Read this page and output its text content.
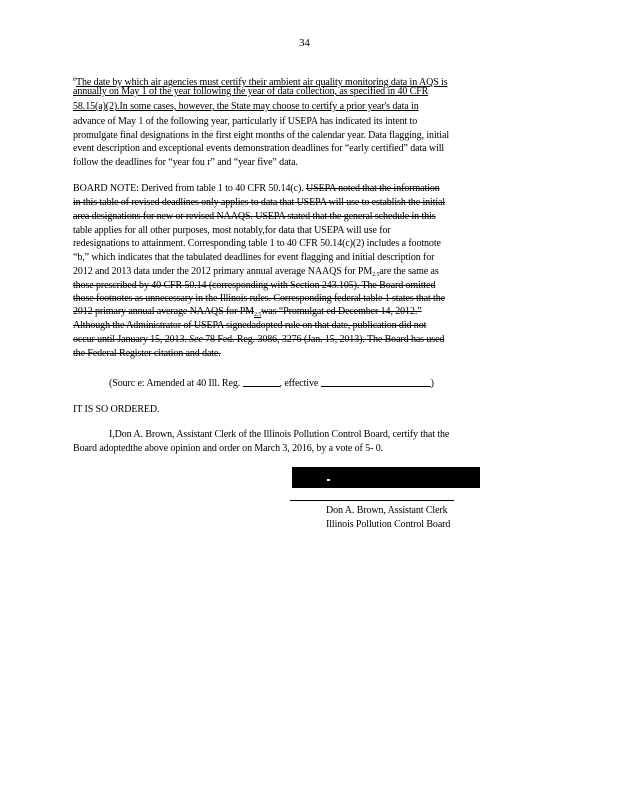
34
$^e$The date by which air agencies must certify their ambient air quality monitoring data in AQS is
annually on May 1 of the year following the year of data collection, as specified in 40 CFR
58.15(a)(2).In some cases, however, the State may choose to certify a prior year's data in
advance of May 1 of the following year, particularly if USEPA has indicated its intent to
promulgate final designations in the first eight months of the calendar year. Data flagging, initial
event description and exceptional events demonstration deadlines for “early certified” data will
follow the deadlines for “year fou r” and “year five” data.
BOARD NOTE: Derived from table 1 to 40 CFR 50.14(c). USEPA noted that the information
in this table of revised deadlines only applies to data that USEPA will use to establish the initial
area designations for new or revised NAAQS. USEPA stated that the general schedule in this
table applies for all other purposes, most notably,for data that USEPA will use for
redesignations to attainment. Corresponding table 1 to 40 CFR 50.14(c)(2) includes a footnote
“b,” which indicates that the tabulated deadlines for event flagging and initial description for
2012 and 2013 data under the 2012 primary annual average NAAQS for $PM_{2.5}are$ the same as
those prescribed by 40 CFR 50.14 (corresponding with Section 243.105). The Board omitted
those footnotes as unnecessary in the Illinois rules. Corresponding federal table 1 states that the
2012 primary annual average NAAQS for $PM_{2.5}was$ “Promulgat ed December 14, 2012.”
Although the Administrator of USEPA signedadopted rule on that date, publication did not
occur until January 15, 2013. See 78 Fed. Reg. 3086, 3276 (Jan. 15, 2013). The Board has used
the Federal Register citation and date.
(Sourc e: Amended at 40 Ill. Reg.	, effective	)
IT IS SO ORDERED.
I,Don A. Brown, Assistant Clerk of the Illinois Pollution Control Board, certify that the
Board adoptedthe above opinion and order on March 3, 2016, by a vote of 5- 0.
Don A. Brown, Assistant Clerk
Illinois Pollution Control Board
